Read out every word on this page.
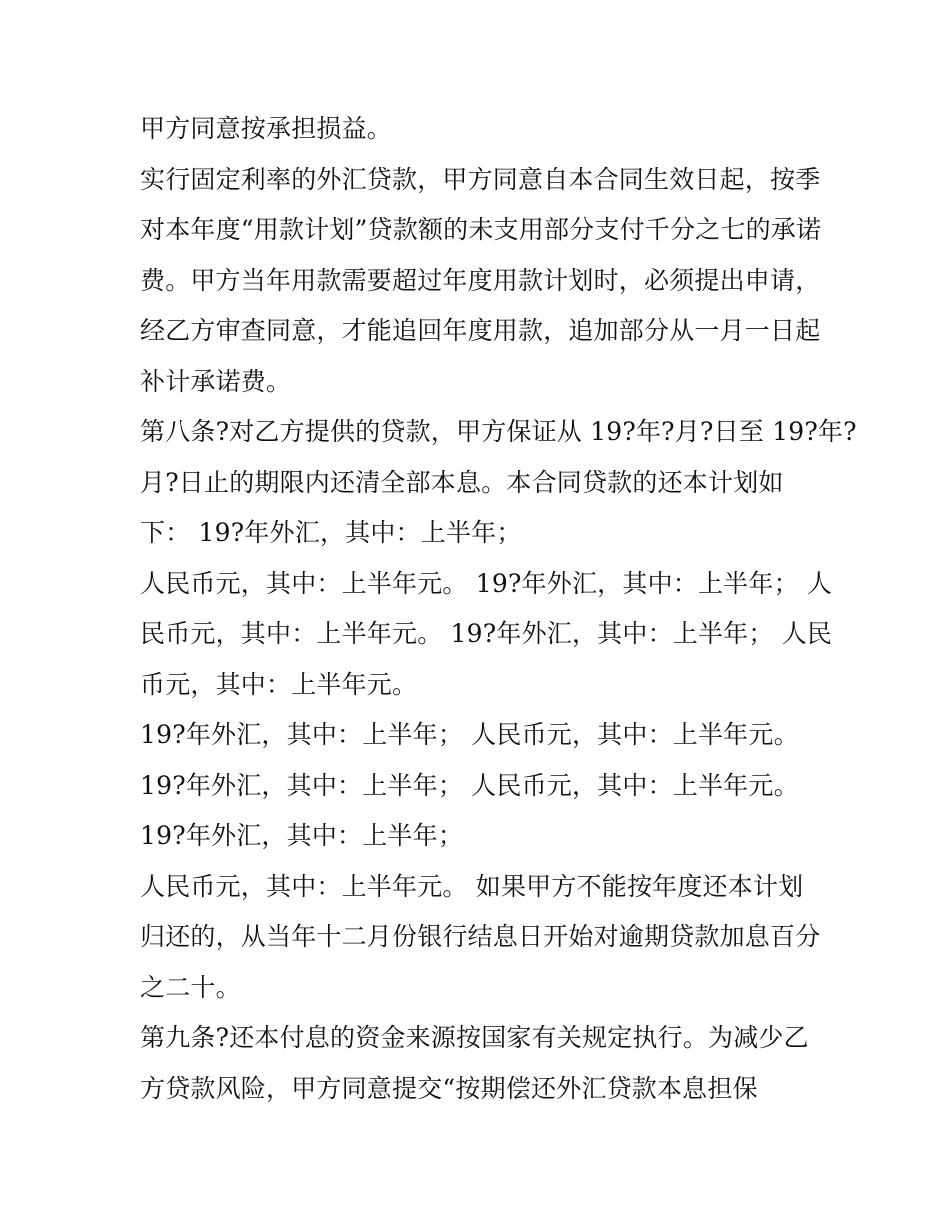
甲方同意按承担损益。
实行固定利率的外汇贷款，甲方同意自本合同生效日起，按季
对本年度“用款计划”贷款额的未支用部分支付千分之七的承诺
费。甲方当年用款需要超过年度用款计划时，必须提出申请，
经乙方审查同意，才能追回年度用款，追加部分从一月一日起
补计承诺费。
第八条?对乙方提供的贷款，甲方保证从 19?年?月?日至 19?年?
月?日止的期限内还清全部本息。本合同贷款的还本计划如
下： 19?年外汇，其中：上半年；
人民币元，其中：上半年元。 19?年外汇，其中：上半年； 人
民币元，其中：上半年元。 19?年外汇，其中：上半年； 人民
币元，其中：上半年元。
19?年外汇，其中：上半年； 人民币元，其中：上半年元。
19?年外汇，其中：上半年； 人民币元，其中：上半年元。
19?年外汇，其中：上半年；
人民币元，其中：上半年元。 如果甲方不能按年度还本计划
归还的，从当年十二月份银行结息日开始对逾期贷款加息百分
之二十。
第九条?还本付息的资金来源按国家有关规定执行。为减少乙
方贷款风险，甲方同意提交“按期偿还外汇贷款本息担保
